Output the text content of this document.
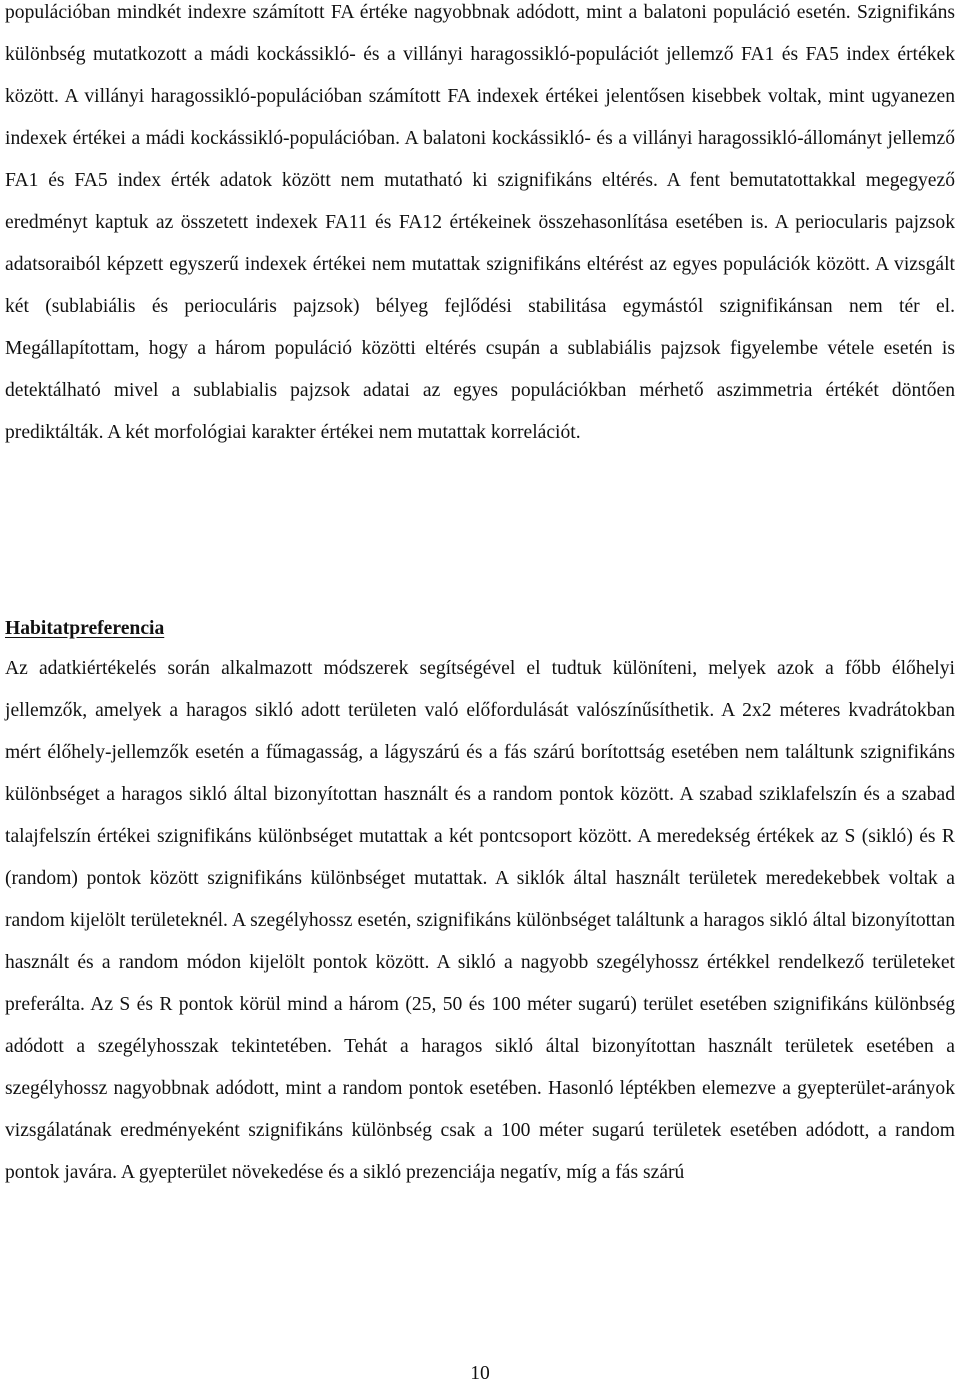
populációban mindkét indexre számított FA értéke nagyobbnak adódott, mint a balatoni populáció esetén. Szignifikáns különbség mutatkozott a mádi kockássikló- és a villányi haragossikló-populációt jellemző FA1 és FA5 index értékek között. A villányi haragossikló-populációban számított FA indexek értékei jelentősen kisebbek voltak, mint ugyanezen indexek értékei a mádi kockássikló-populációban. A balatoni kockássikló- és a villányi haragossikló-állományt jellemző FA1 és FA5 index érték adatok között nem mutatható ki szignifikáns eltérés. A fent bemutatottakkal megegyező eredményt kaptuk az összetett indexek FA11 és FA12 értékeinek összehasonlítása esetében is. A periocularis pajzsok adatsoraiból képzett egyszerű indexek értékei nem mutattak szignifikáns eltérést az egyes populációk között. A vizsgált két (sublabiális és perioculáris pajzsok) bélyeg fejlődési stabilitása egymástól szignifikánsan nem tér el. Megállapítottam, hogy a három populáció közötti eltérés csupán a sublabiális pajzsok figyelembe vétele esetén is detektálható mivel a sublabialis pajzsok adatai az egyes populációkban mérhető aszimmetria értékét döntően prediktálták. A két morfológiai karakter értékei nem mutattak korrelációt.

Habitatpreferencia

Az adatkiértékelés során alkalmazott módszerek segítségével el tudtuk különíteni, melyek azok a főbb élőhelyi jellemzők, amelyek a haragos sikló adott területen való előfordulását valószínűsíthetik. A 2x2 méteres kvadrátokban mért élőhely-jellemzők esetén a fűmagasság, a lágyszárú és a fás szárú borítottság esetében nem találtunk szignifikáns különbséget a haragos sikló által bizonyítottan használt és a random pontok között. A szabad sziklafelszín és a szabad talajfelszín értékei szignifikáns különbséget mutattak a két pontcsoport között. A meredekség értékek az S (sikló) és R (random) pontok között szignifikáns különbséget mutattak. A siklók által használt területek meredekebbek voltak a random kijelölt területeknél. A szegélyhossz esetén, szignifikáns különbséget találtunk a haragos sikló által bizonyítottan használt és a random módon kijelölt pontok között. A sikló a nagyobb szegélyhossz értékkel rendelkező területeket preferálta. Az S és R pontok körül mind a három (25, 50 és 100 méter sugarú) terület esetében szignifikáns különbség adódott a szegélyhosszak tekintetében. Tehát a haragos sikló által bizonyítottan használt területek esetében a szegélyhossz nagyobbnak adódott, mint a random pontok esetében. Hasonló léptékben elemezve a gyepterület-arányok vizsgálatának eredményeként szignifikáns különbség csak a 100 méter sugarú területek esetében adódott, a random pontok javára. A gyepterület növekedése és a sikló prezenciája negatív, míg a fás szárú

10
